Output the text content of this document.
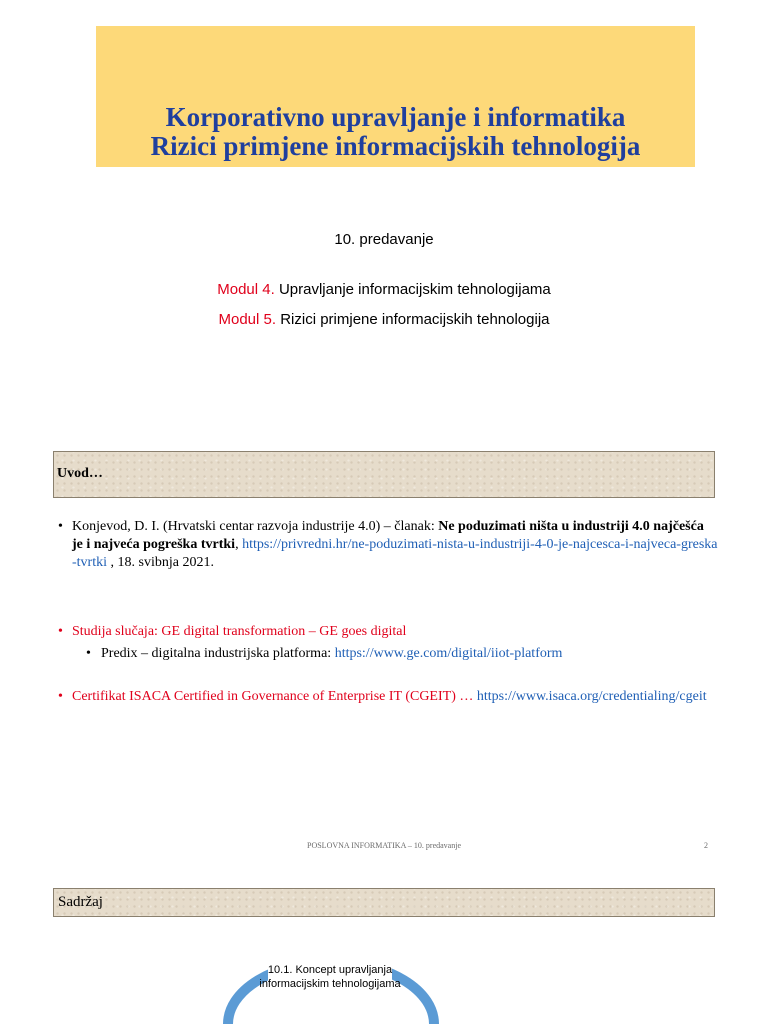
Korporativno upravljanje i informatika
Rizici primjene informacijskih tehnologija
10. predavanje
Modul 4. Upravljanje informacijskim tehnologijama
Modul 5. Rizici primjene informacijskih tehnologija
Uvod…
• Konjevod, D. I. (Hrvatski centar razvoja industrije 4.0) – članak: Ne poduzimati ništa u industriji 4.0 najčešća je i najveća pogreška tvrtki, https://privredni.hr/ne-poduzimati-nista-u-industriji-4-0-je-najcesca-i-najveca-greska-tvrtki , 18. svibnja 2021.
• Studija slučaja: GE digital transformation – GE goes digital
• Predix – digitalna industrijska platforma: https://www.ge.com/digital/iiot-platform
• Certifikat ISACA Certified in Governance of Enterprise IT (CGEIT) … https://www.isaca.org/credentialing/cgeit
POSLOVNA INFORMATIKA – 10. predavanje	2
Sadržaj
10.1. Koncept upravljanja informacijskim tehnologijama
